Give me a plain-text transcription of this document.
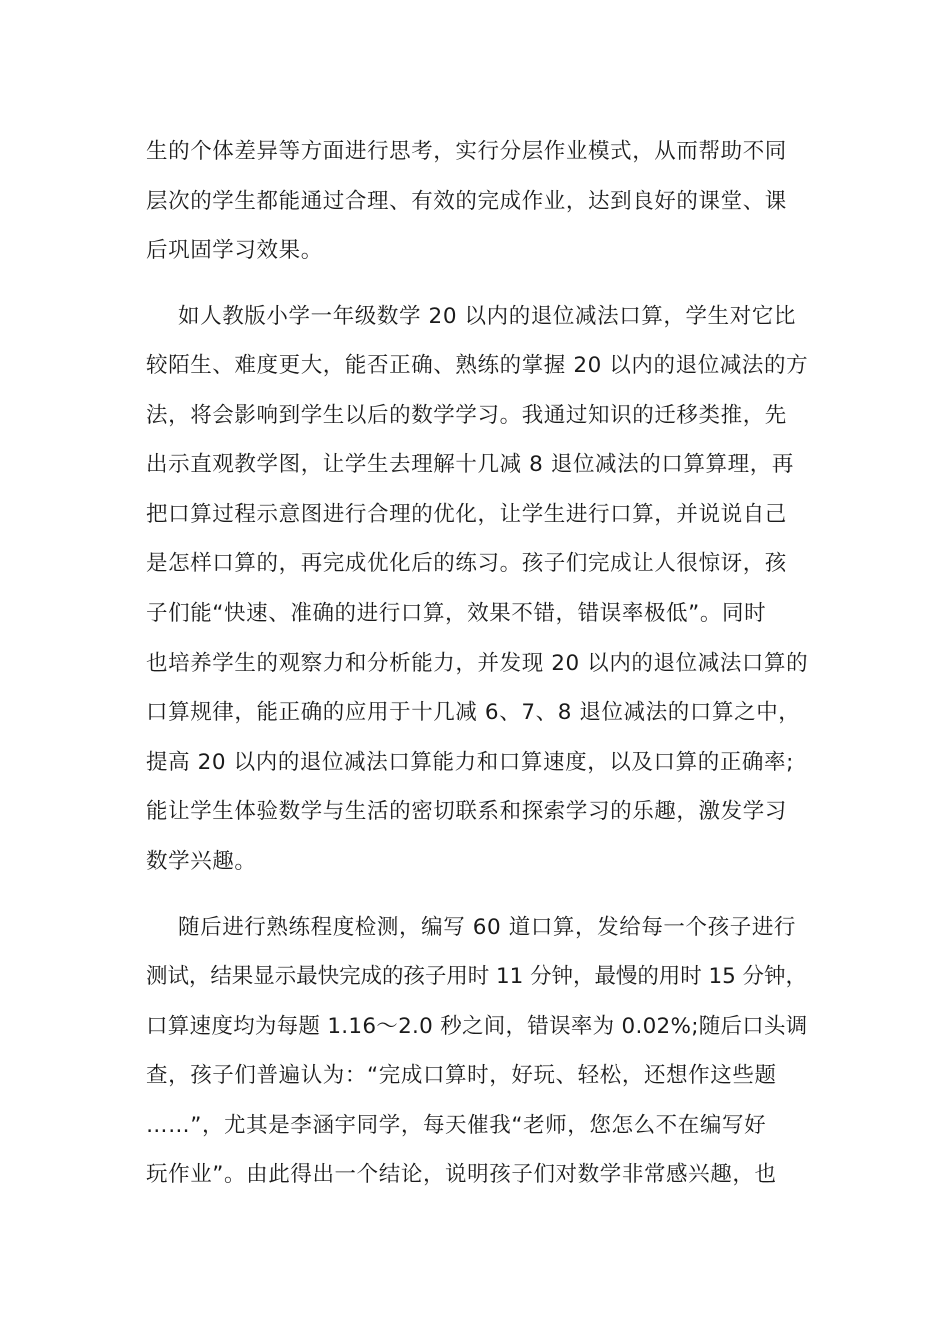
生的个体差异等方面进行思考，实行分层作业模式，从而帮助不同
层次的学生都能通过合理、有效的完成作业，达到良好的课堂、课
后巩固学习效果。
如人教版小学一年级数学 20 以内的退位减法口算，学生对它比
较陌生、难度更大，能否正确、熟练的掌握 20 以内的退位减法的方
法，将会影响到学生以后的数学学习。我通过知识的迁移类推，先
出示直观教学图，让学生去理解十几减 8 退位减法的口算算理，再
把口算过程示意图进行合理的优化，让学生进行口算，并说说自己
是怎样口算的，再完成优化后的练习。孩子们完成让人很惊讶，孩
子们能“快速、准确的进行口算，效果不错，错误率极低”。同时
也培养学生的观察力和分析能力，并发现 20 以内的退位减法口算的
口算规律，能正确的应用于十几减 6、7、8 退位减法的口算之中，
提高 20 以内的退位减法口算能力和口算速度，以及口算的正确率;
能让学生体验数学与生活的密切联系和探索学习的乐趣，激发学习
数学兴趣。
随后进行熟练程度检测，编写 60 道口算，发给每一个孩子进行
测试，结果显示最快完成的孩子用时 11 分钟，最慢的用时 15 分钟，
口算速度均为每题 1.16～2.0 秒之间，错误率为 0.02%;随后口头调
查，孩子们普遍认为：“完成口算时，好玩、轻松，还想作这些题
……”，尤其是李涵宇同学，每天催我“老师，您怎么不在编写好
玩作业”。由此得出一个结论，说明孩子们对数学非常感兴趣，也
